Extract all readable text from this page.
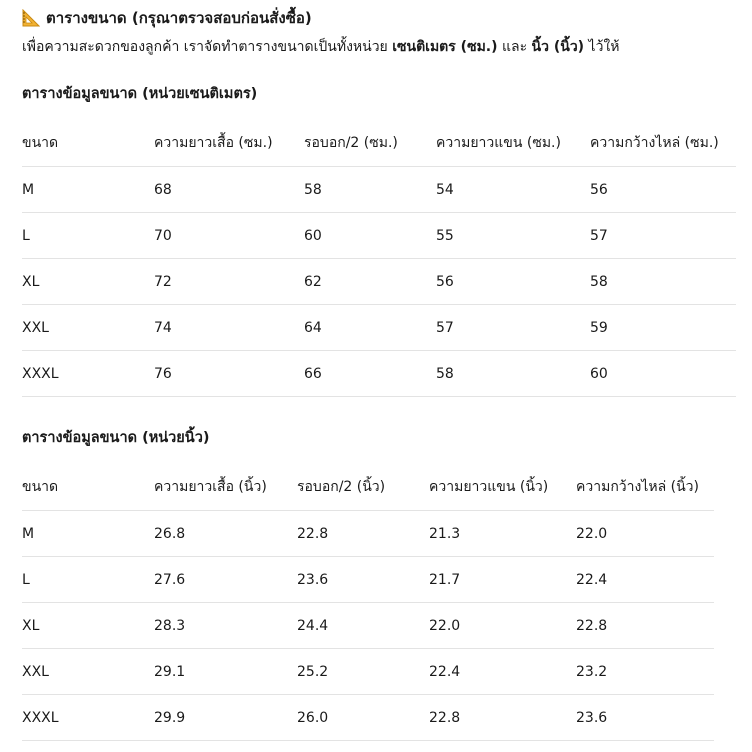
ตารางขนาด (กรุณาตรวจสอบก่อนสั่งซื้อ)
เพื่อความสะดวกของลูกค้า เราจัดทำตารางขนาดเป็นทั้งหน่วย เซนติเมตร (ซม.) และ นิ้ว (นิ้ว) ไว้ให้
ตารางข้อมูลขนาด (หน่วยเซนติเมตร)
ขนาด	ความยาวเสื้อ (ซม.)	รอบอก/2 (ซม.)	ความยาวแขน (ซม.)	ความกว้างไหล่ (ซม.)
M	68	58	54	56
L	70	60	55	57
XL	72	62	56	58
XXL	74	64	57	59
XXXL	76	66	58	60
ตารางข้อมูลขนาด (หน่วยนิ้ว)
ขนาด	ความยาวเสื้อ (นิ้ว)	รอบอก/2 (นิ้ว)	ความยาวแขน (นิ้ว)	ความกว้างไหล่ (นิ้ว)
M	26.8	22.8	21.3	22.0
L	27.6	23.6	21.7	22.4
XL	28.3	24.4	22.0	22.8
XXL	29.1	25.2	22.4	23.2
XXXL	29.9	26.0	22.8	23.6
